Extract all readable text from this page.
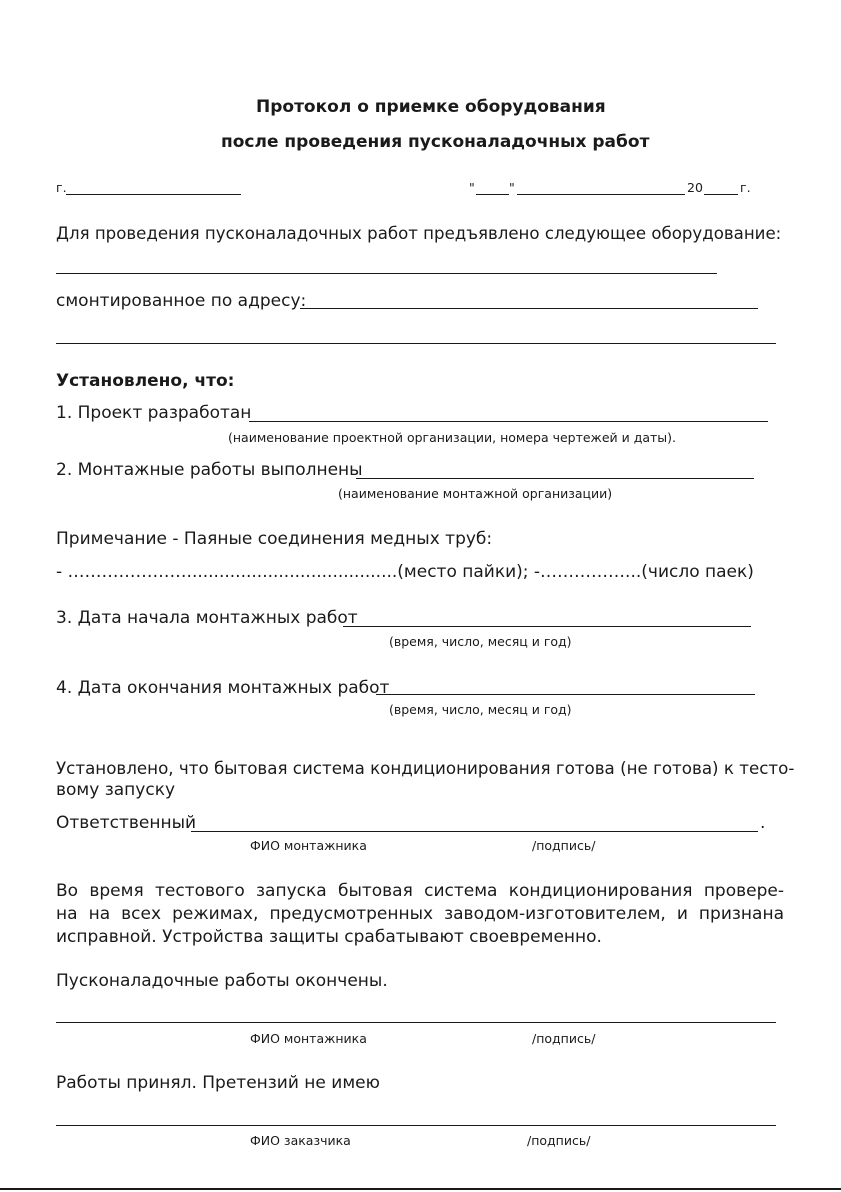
Протокол о приемке оборудования
после проведения пусконаладочных работ
г.	"	"	20	г.
Для проведения пусконаладочных работ предъявлено следующее оборудование:
смонтированное по адресу:
Установлено, что:
1. Проект разработан
(наименование проектной организации, номера чертежей и даты).
2. Монтажные работы выполнены
(наименование монтажной организации)
Примечание - Паяные соединения медных труб:
- ………………….......................................(место пайки); -……………...(число паек)
3. Дата начала монтажных работ
(время, число, месяц и год)
4. Дата окончания монтажных работ
(время, число, месяц и год)
Установлено, что бытовая система кондиционирования готова (не готова) к тесто-
вому запуску
Ответственный	.
ФИО монтажника	/подпись/
Во время тестового запуска бытовая система кондиционирования провере-
на на всех режимах, предусмотренных заводом-изготовителем, и признана
исправной. Устройства защиты срабатывают своевременно.
Пусконаладочные работы окончены.
ФИО монтажника	/подпись/
Работы принял. Претензий не имею
ФИО заказчика	/подпись/
